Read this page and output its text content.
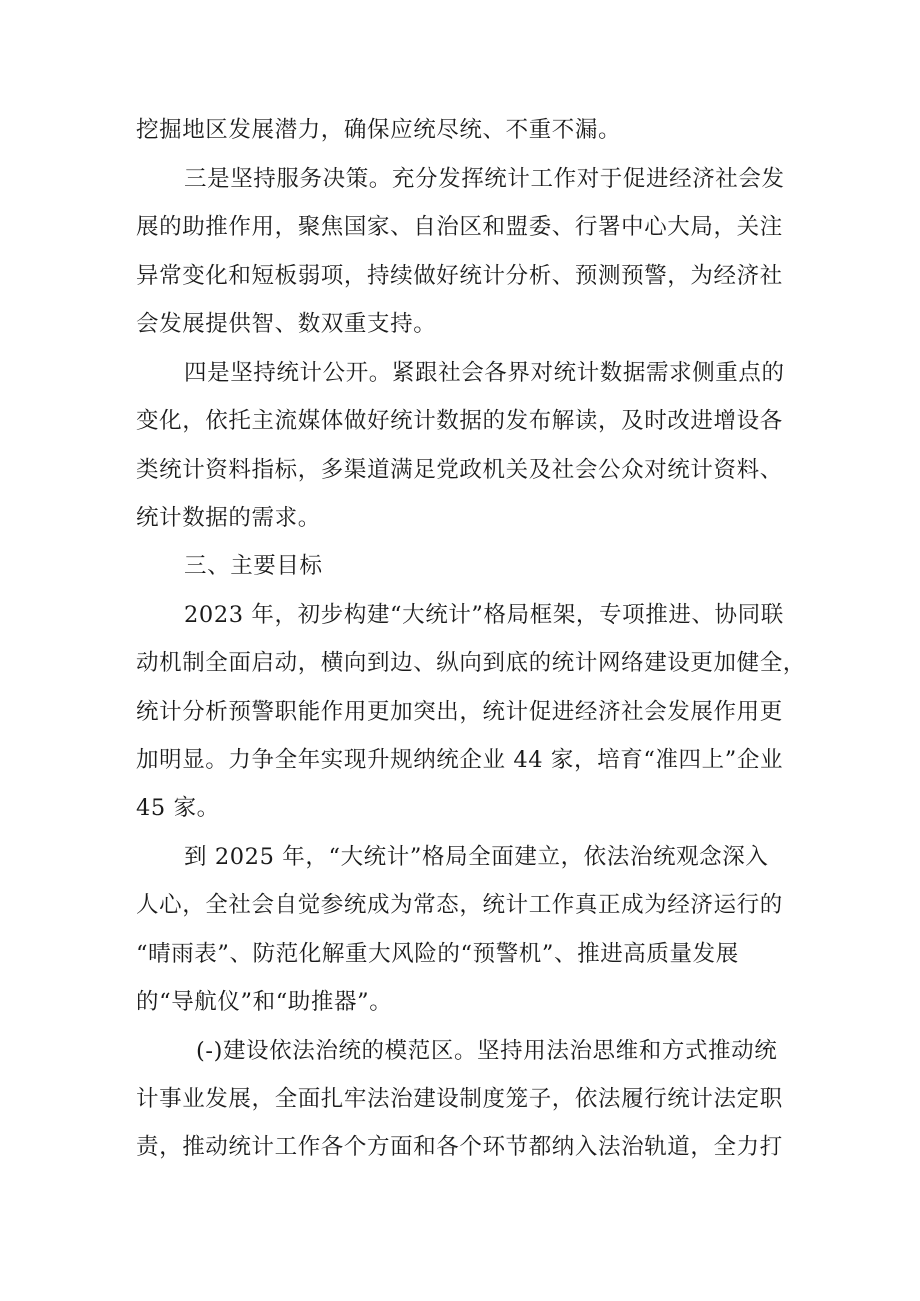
挖掘地区发展潜力，确保应统尽统、不重不漏。
三是坚持服务决策。充分发挥统计工作对于促进经济社会发
展的助推作用，聚焦国家、自治区和盟委、行署中心大局，关注
异常变化和短板弱项，持续做好统计分析、预测预警，为经济社
会发展提供智、数双重支持。
四是坚持统计公开。紧跟社会各界对统计数据需求侧重点的
变化，依托主流媒体做好统计数据的发布解读，及时改进增设各
类统计资料指标，多渠道满足党政机关及社会公众对统计资料、
统计数据的需求。
三、主要目标
2023 年，初步构建“大统计”格局框架，专项推进、协同联
动机制全面启动，横向到边、纵向到底的统计网络建设更加健全，
统计分析预警职能作用更加突出，统计促进经济社会发展作用更
加明显。力争全年实现升规纳统企业 44 家，培育“准四上”企业
45 家。
到 2025 年，“大统计”格局全面建立，依法治统观念深入
人心，全社会自觉参统成为常态，统计工作真正成为经济运行的
“晴雨表”、防范化解重大风险的“预警机”、推进高质量发展
的“导航仪”和“助推器”。
(-)建设依法治统的模范区。坚持用法治思维和方式推动统
计事业发展，全面扎牢法治建设制度笼子，依法履行统计法定职
责，推动统计工作各个方面和各个环节都纳入法治轨道，全力打
